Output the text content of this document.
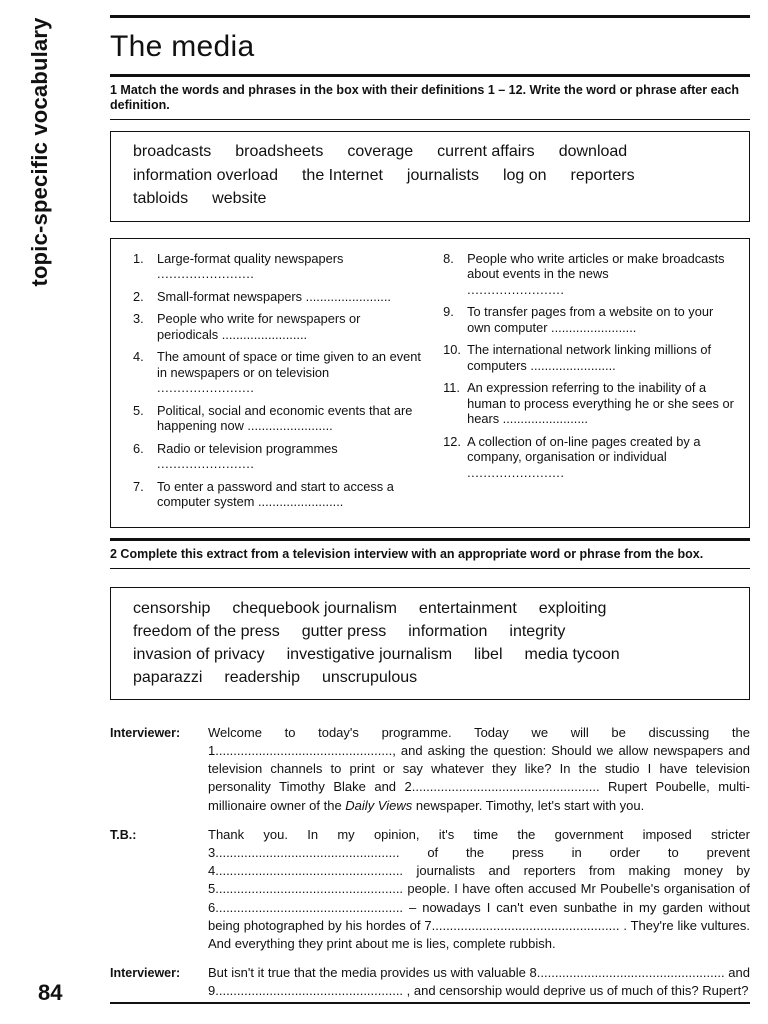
topic-specific vocabulary
84
The media
1 Match the words and phrases in the box with their definitions 1 – 12. Write the word or phrase after each definition.
broadcasts broadsheets coverage current affairs download
information overload the Internet journalists log on reporters
tabloids website
1.	Large-format quality newspapers
........................
2.	Small-format newspapers ........................
3.	People who write for newspapers or periodicals ........................
4.	The amount of space or time given to an event in newspapers or on television
........................
5.	Political, social and economic events that are happening now ........................
6.	Radio or television programmes
........................
7.	To enter a password and start to access a computer system ........................
8.	People who write articles or make broadcasts about events in the news
........................
9.	To transfer pages from a website on to your own computer ........................
10. The international network linking millions of computers ........................
11. An expression referring to the inability of a human to process everything he or she sees or hears ........................
12. A collection of on-line pages created by a company, organisation or individual
........................
2 Complete this extract from a television interview with an appropriate word or phrase from the box.
censorship chequebook journalism entertainment exploiting
freedom of the press gutter press information integrity
invasion of privacy investigative journalism libel media tycoon
paparazzi readership unscrupulous
Interviewer:	Welcome to today's programme. Today we will be discussing the 1................................................., and asking the question: Should we allow newspapers and television channels to print or say whatever they like? In the studio I have television personality Timothy Blake and 2.................................................... Rupert Poubelle, multi-millionaire owner of the Daily Views newspaper. Timothy, let's start with you.
T.B.:	Thank you. In my opinion, it's time the government imposed stricter 3................................................... of the press in order to prevent 4.................................................... journalists and reporters from making money by 5.................................................... people. I have often accused Mr Poubelle's organisation of 6.................................................... – nowadays I can't even sunbathe in my garden without being photographed by his hordes of 7.................................................... . They're like vultures. And everything they print about me is lies, complete rubbish.
Interviewer:	But isn't it true that the media provides us with valuable 8.................................................... and 9.................................................... , and censorship would deprive us of much of this? Rupert?
